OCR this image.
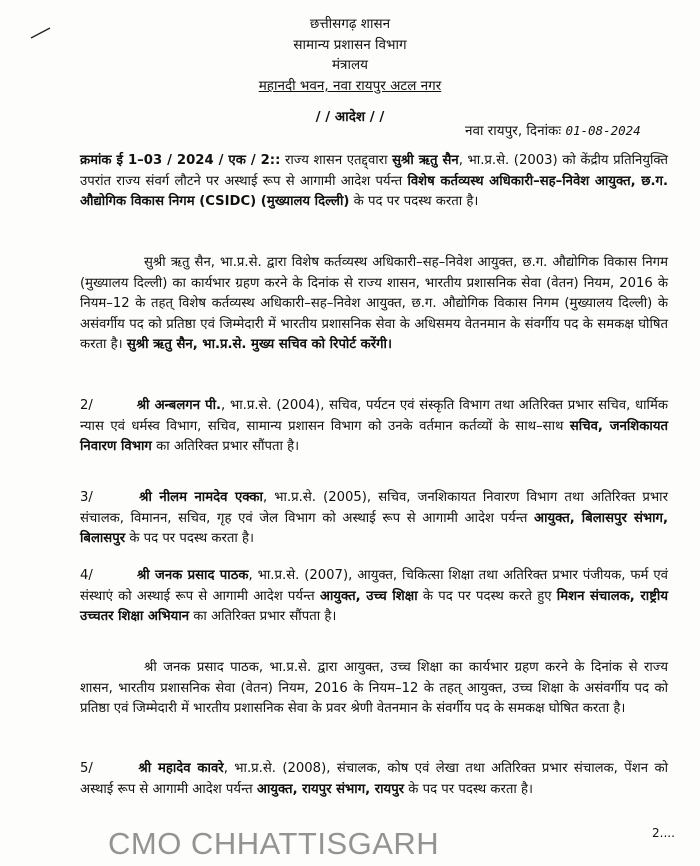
छत्तीसगढ़ शासन
सामान्य प्रशासन विभाग
मंत्रालय
महानदी भवन, नवा रायपुर अटल नगर
/ / आदेश / /
नवा रायपुर, दिनांकः 01-08-2024

क्रमांक ई 1–03 / 2024 / एक / 2:: राज्य शासन एतद्द्वारा सुश्री ऋतु सैन, भा.प्र.से. (2003) को केंद्रीय प्रतिनियुक्ति उपरांत राज्य संवर्ग लौटने पर अस्थाई रूप से आगामी आदेश पर्यन्त विशेष कर्तव्यस्थ अधिकारी–सह–निवेश आयुक्त, छ.ग. औद्योगिक विकास निगम (CSIDC) (मुख्यालय दिल्ली) के पद पर पदस्थ करता है।

सुश्री ऋतु सैन, भा.प्र.से. द्वारा विशेष कर्तव्यस्थ अधिकारी–सह–निवेश आयुक्त, छ.ग. औद्योगिक विकास निगम (मुख्यालय दिल्ली) का कार्यभार ग्रहण करने के दिनांक से राज्य शासन, भारतीय प्रशासनिक सेवा (वेतन) नियम, 2016 के नियम–12 के तहत् विशेष कर्तव्यस्थ अधिकारी–सह–निवेश आयुक्त, छ.ग. औद्योगिक विकास निगम (मुख्यालय दिल्ली) के असंवर्गीय पद को प्रतिष्ठा एवं जिम्मेदारी में भारतीय प्रशासनिक सेवा के अधिसमय वेतनमान के संवर्गीय पद के समकक्ष घोषित करता है। सुश्री ऋतु सैन, भा.प्र.से. मुख्य सचिव को रिपोर्ट करेंगी।

2/	श्री अन्बलगन पी., भा.प्र.से. (2004), सचिव, पर्यटन एवं संस्कृति विभाग तथा अतिरिक्त प्रभार सचिव, धार्मिक न्यास एवं धर्मस्व विभाग, सचिव, सामान्य प्रशासन विभाग को उनके वर्तमान कर्तव्यों के साथ–साथ सचिव, जनशिकायत निवारण विभाग का अतिरिक्त प्रभार सौंपता है।

3/	श्री नीलम नामदेव एक्का, भा.प्र.से. (2005), सचिव, जनशिकायत निवारण विभाग तथा अतिरिक्त प्रभार संचालक, विमानन, सचिव, गृह एवं जेल विभाग को अस्थाई रूप से आगामी आदेश पर्यन्त आयुक्त, बिलासपुर संभाग, बिलासपुर के पद पर पदस्थ करता है।

4/	श्री जनक प्रसाद पाठक, भा.प्र.से. (2007), आयुक्त, चिकित्सा शिक्षा तथा अतिरिक्त प्रभार पंजीयक, फर्म एवं संस्थाएं को अस्थाई रूप से आगामी आदेश पर्यन्त आयुक्त, उच्च शिक्षा के पद पर पदस्थ करते हुए मिशन संचालक, राष्ट्रीय उच्चतर शिक्षा अभियान का अतिरिक्त प्रभार सौंपता है।

श्री जनक प्रसाद पाठक, भा.प्र.से. द्वारा आयुक्त, उच्च शिक्षा का कार्यभार ग्रहण करने के दिनांक से राज्य शासन, भारतीय प्रशासनिक सेवा (वेतन) नियम, 2016 के नियम–12 के तहत् आयुक्त, उच्च शिक्षा के असंवर्गीय पद को प्रतिष्ठा एवं जिम्मेदारी में भारतीय प्रशासनिक सेवा के प्रवर श्रेणी वेतनमान के संवर्गीय पद के समकक्ष घोषित करता है।

5/	श्री महादेव कावरे, भा.प्र.से. (2008), संचालक, कोष एवं लेखा तथा अतिरिक्त प्रभार संचालक, पेंशन को अस्थाई रूप से आगामी आदेश पर्यन्त आयुक्त, रायपुर संभाग, रायपुर के पद पर पदस्थ करता है।

2....
CMO CHHATTISGARH
